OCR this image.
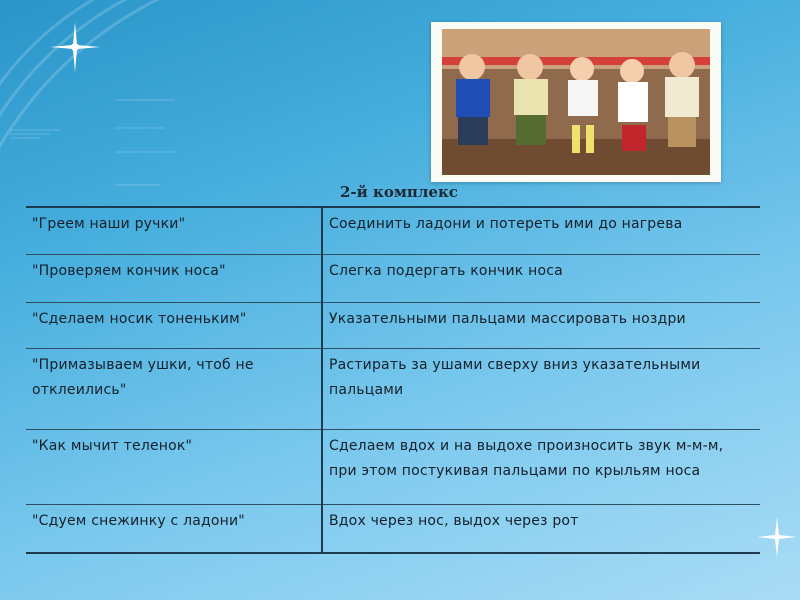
2-й комплекс
"Греем наши ручки"	Соединить ладони и потереть ими до нагрева
"Проверяем кончик носа"	Слегка подергать кончик носа
"Сделаем носик тоненьким"	Указательными пальцами массировать ноздри
"Примазываем ушки, чтоб не отклеились"	Растирать за ушами сверху вниз указательными пальцами
"Как мычит теленок"	Сделаем вдох и на выдохе произносить звук м-м-м, при этом постукивая пальцами по крыльям носа
"Сдуем снежинку с ладони"	Вдох через нос, выдох через рот
